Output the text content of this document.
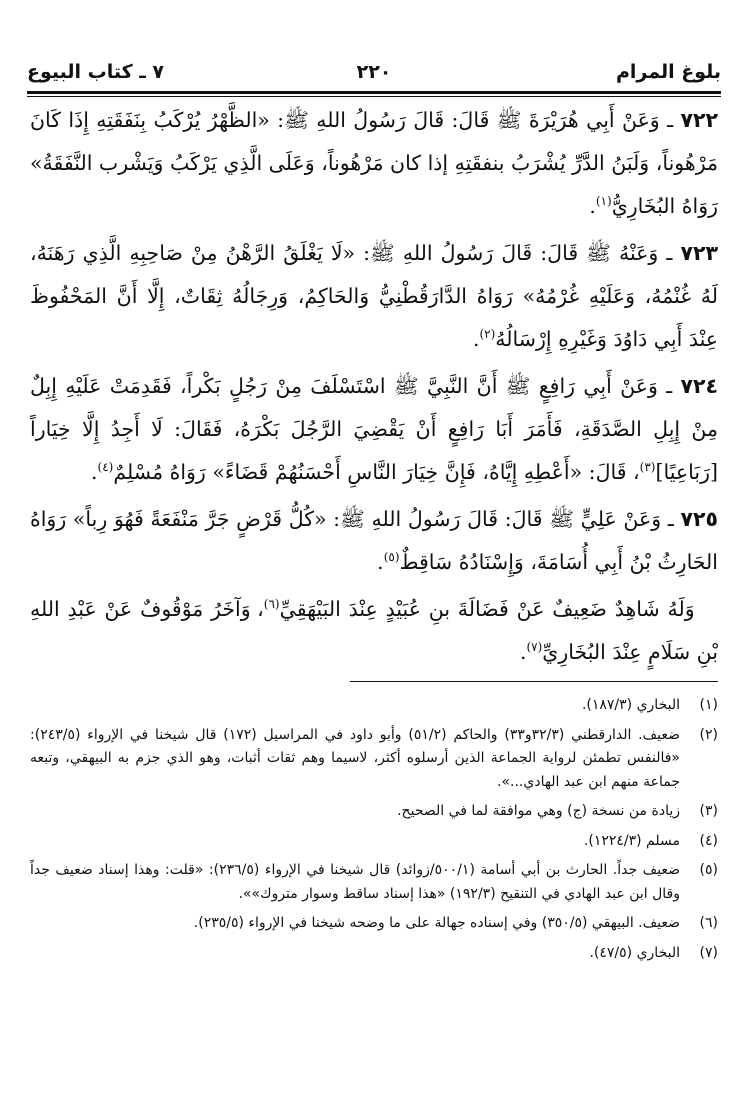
بلوغ المرام
٢٢٠
٧ ـ كتاب البيوع

٧٢٢ ـ وَعَنْ أَبِي هُرَيْرَةَ ﷺ قَالَ: قَالَ رَسُولُ اللهِ ﷺ: «الظَّهْرُ يُرْكَبُ بِنَفَقَتِهِ إِذَا كَانَ مَرْهُوناً، وَلَبَنُ الدَّرِّ يُشْرَبُ بنفقَتِهِ إذا كان مَرْهُوناً، وَعَلَى الَّذِي يَرْكَبُ وَيَشْرب النَّفَقَةُ» رَوَاهُ البُخَارِيُّ$^{(١)}$.

٧٢٣ ـ وَعَنْهُ ﷺ قَالَ: قَالَ رَسُولُ اللهِ ﷺ: «لَا يَغْلَقُ الرَّهْنُ مِنْ صَاحِبِهِ الَّذِي رَهَنَهُ، لَهُ غُنْمُهُ، وَعَلَيْهِ غُرْمُهُ» رَوَاهُ الدَّارَقُطْنِيُّ وَالحَاكِمُ، وَرِجَالُهُ ثِقَاتٌ، إِلَّا أَنَّ المَحْفُوظَ عِنْدَ أَبِي دَاوُدَ وَغَيْرِهِ إِرْسَالُهُ$^{(٢)}$.

٧٢٤ ـ وَعَنْ أَبِي رَافِعٍ ﷺ أَنَّ النَّبِيَّ ﷺ اسْتَسْلَفَ مِنْ رَجُلٍ بَكْراً، فَقَدِمَتْ عَلَيْهِ إِبِلٌ مِنْ إِبِلِ الصَّدَقَةِ، فَأَمَرَ أَبَا رَافِعٍ أَنْ يَقْضِيَ الرَّجُلَ بَكْرَهُ، فَقَالَ: لَا أَجِدُ إِلَّا خِيَاراً [رَبَاعِيًا]$^{(٣)}$، قَالَ: «أَعْطِهِ إِيَّاهُ، فَإِنَّ خِيَارَ النَّاسِ أَحْسَنُهُمْ قَضَاءً» رَوَاهُ مُسْلِمٌ$^{(٤)}$.

٧٢٥ ـ وَعَنْ عَلِيٍّ ﷺ قَالَ: قَالَ رَسُولُ اللهِ ﷺ: «كُلُّ قَرْضٍ جَرَّ مَنْفَعَةً فَهُوَ رِباً» رَوَاهُ الحَارِثُ بْنُ أَبِي أُسَامَةَ، وَإِسْنَادُهُ سَاقِطٌ$^{(٥)}$.

وَلَهُ شَاهِدٌ ضَعِيفٌ عَنْ فَضَالَةَ بنِ عُبَيْدٍ عِنْدَ البَيْهَقِيِّ$^{(٦)}$، وَآخَرُ مَوْقُوفٌ عَنْ عَبْدِ اللهِ بْنِ سَلَامٍ عِنْدَ البُخَارِيِّ$^{(٧)}$.

(١)
البخاري (١٨٧/٣).
(٢)
ضعيف. الدارقطني (٣٢/٣و٣٣) والحاكم (٥١/٢) وأبو داود في المراسيل (١٧٢) قال شيخنا في الإرواء (٢٤٣/٥): «فالنفس تطمئن لرواية الجماعة الذين أرسلوه أكثر، لاسيما وهم ثقات أثبات، وهو الذي جزم به البيهقي، وتبعه جماعة منهم ابن عبد الهادي...».
(٣)
زيادة من نسخة (ج) وهي موافقة لما في الصحيح.
(٤)
مسلم (١٢٢٤/٣).
(٥)
ضعيف جداً. الحارث بن أبي أسامة (٥٠٠/١/زوائد) قال شيخنا في الإرواء (٢٣٦/٥): «قلت: وهذا إسناد ضعيف جداً وقال ابن عبد الهادي في التنقيح (١٩٢/٣) «هذا إسناد ساقط وسوار متروك»».
(٦)
ضعيف. البيهقي (٣٥٠/٥) وفي إسناده جهالة على ما وضحه شيخنا في الإرواء (٢٣٥/٥).
(٧)
البخاري (٤٧/٥).
